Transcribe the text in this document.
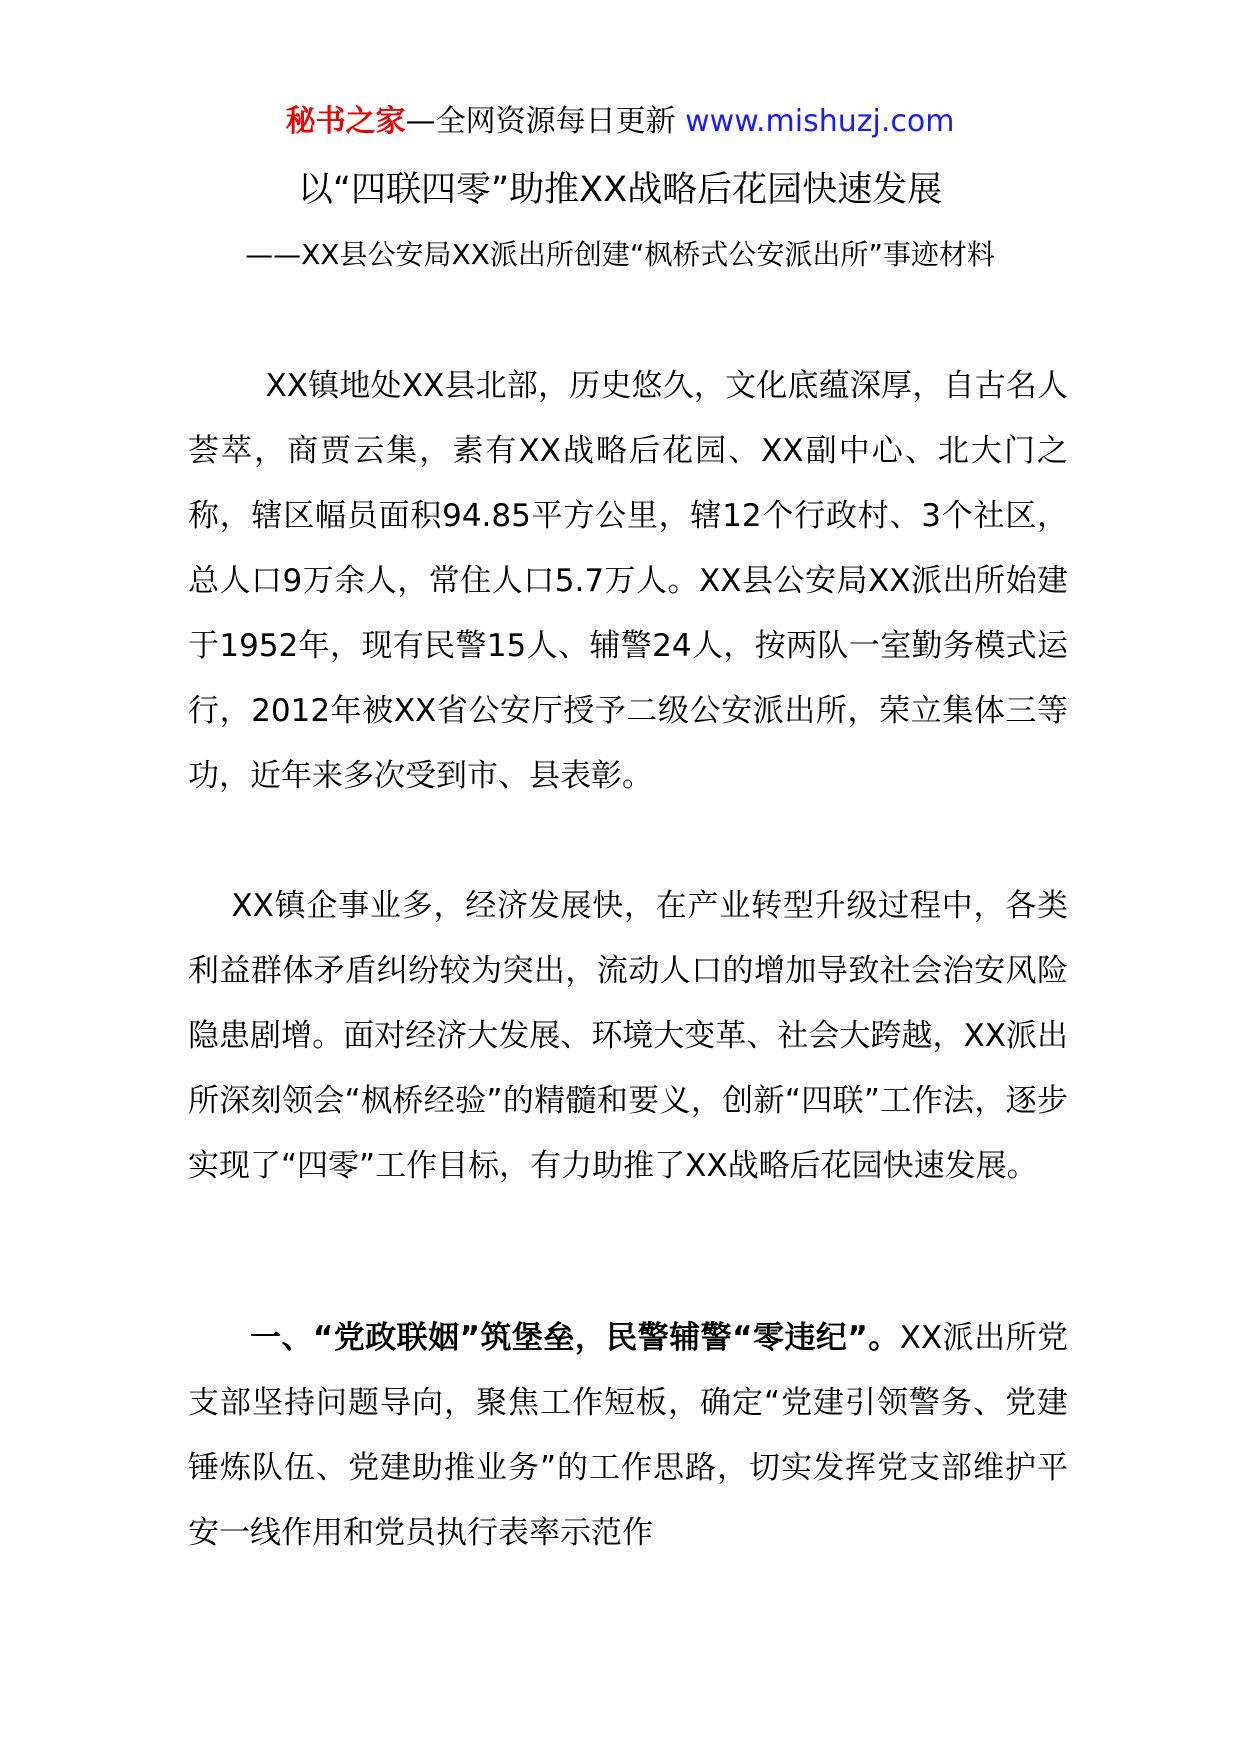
秘书之家—全网资源每日更新 www.mishuzj.com
以“四联四零”助推XX战略后花园快速发展

——XX县公安局XX派出所创建“枫桥式公安派出所”事迹材料

XX镇地处XX县北部，历史悠久，文化底蕴深厚，自古名人荟萃，商贾云集，素有XX战略后花园、XX副中心、北大门之称，辖区幅员面积94.85平方公里，辖12个行政村、3个社区，总人口9万余人，常住人口5.7万人。XX县公安局XX派出所始建于1952年，现有民警15人、辅警24人，按两队一室勤务模式运行，2012年被XX省公安厅授予二级公安派出所，荣立集体三等功，近年来多次受到市、县表彰。

XX镇企事业多，经济发展快，在产业转型升级过程中，各类利益群体矛盾纠纷较为突出，流动人口的增加导致社会治安风险隐患剧增。面对经济大发展、环境大变革、社会大跨越，XX派出所深刻领会“枫桥经验”的精髓和要义，创新“四联”工作法，逐步实现了“四零”工作目标，有力助推了XX战略后花园快速发展。

一、“党政联姻”筑堡垒，民警辅警“零违纪”。XX派出所党支部坚持问题导向，聚焦工作短板，确定“党建引领警务、党建锤炼队伍、党建助推业务”的工作思路，切实发挥党支部维护平安一线作用和党员执行表率示范作
